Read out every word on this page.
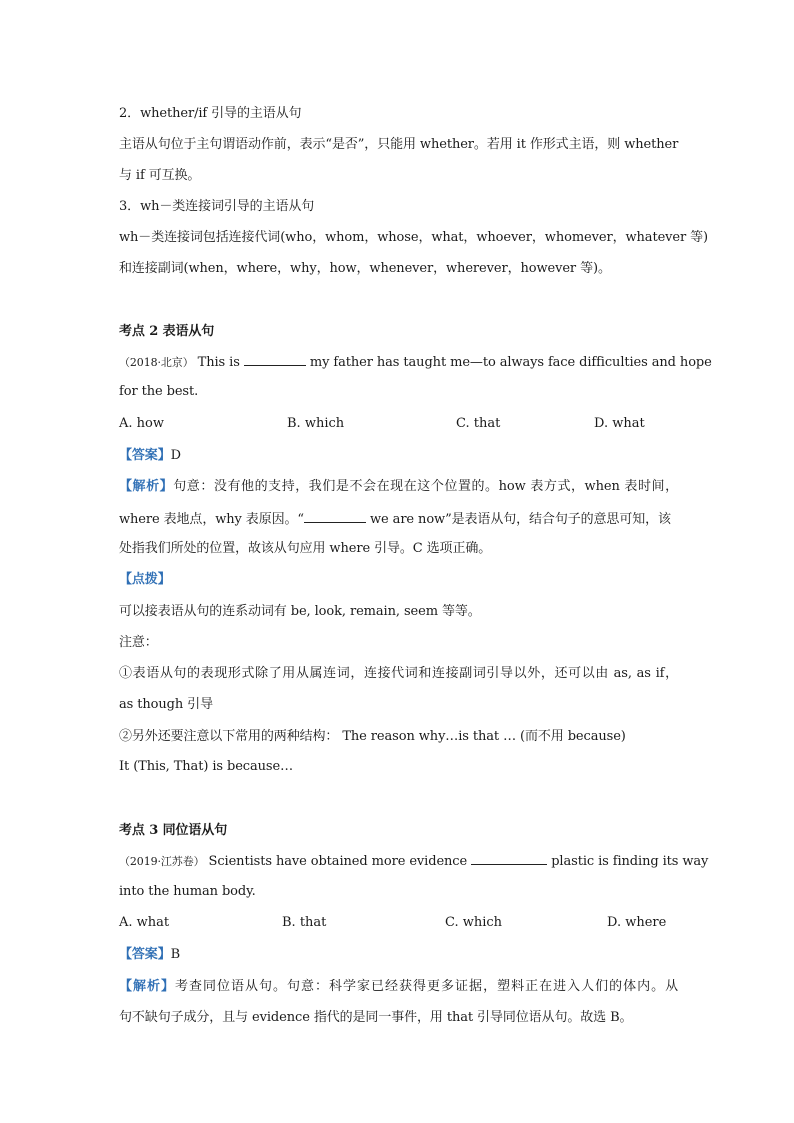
2．whether/if 引导的主语从句
主语从句位于主句谓语动作前，表示“是否”，只能用 whether。若用 it 作形式主语，则 whether
与 if 可互换。
3．wh－类连接词引导的主语从句
wh－类连接词包括连接代词(who，whom，whose，what，whoever，whomever，whatever 等)
和连接副词(when，where，why，how，whenever，wherever，however 等)。
考点 2 表语从句
（2018·北京） This is	my father has taught me—to always face difficulties and hope
for the best.
A. how	B. which	C. that	D. what
【答案】D
【解析】句意：没有他的支持，我们是不会在现在这个位置的。how 表方式，when 表时间，
where 表地点，why 表原因。“	we are now”是表语从句，结合句子的意思可知，该
处指我们所处的位置，故该从句应用 where 引导。C 选项正确。
【点拨】
可以接表语从句的连系动词有 be, look, remain, seem 等等。
注意：
①表语从句的表现形式除了用从属连词，连接代词和连接副词引导以外，还可以由 as, as if，
as though 引导
②另外还要注意以下常用的两种结构： The reason why…is that … (而不用 because)
It (This, That) is because…
考点 3 同位语从句
（2019·江苏卷） Scientists have obtained more evidence	plastic is finding its way
into the human body.
A. what	B. that	C. which	D. where
【答案】B
【解析】考查同位语从句。句意：科学家已经获得更多证据，塑料正在进入人们的体内。从
句不缺句子成分，且与 evidence 指代的是同一事件，用 that 引导同位语从句。故选 B。
